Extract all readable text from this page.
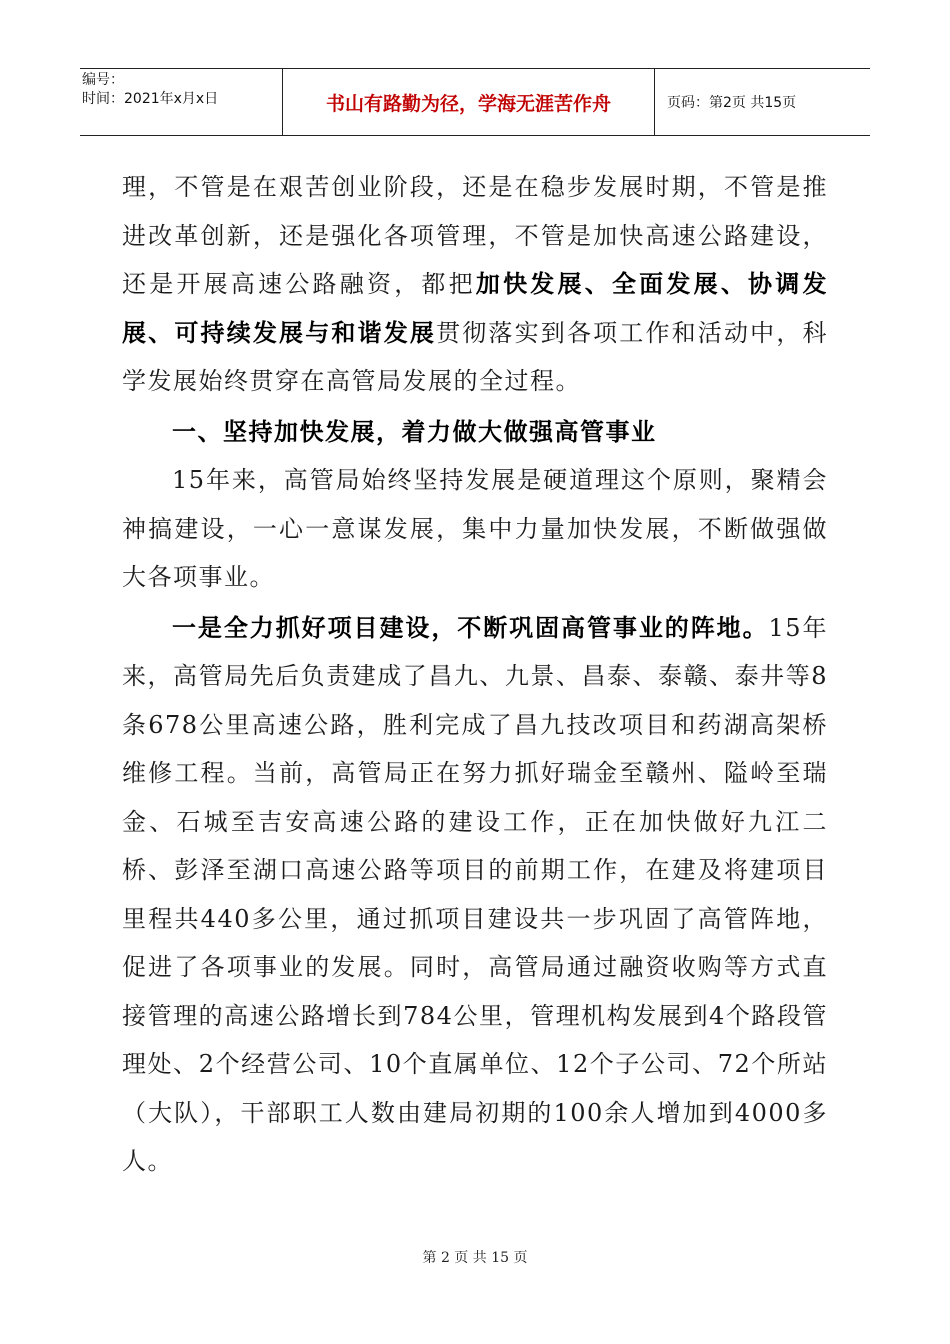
编号：
时间：2021年x月x日	书山有路勤为径，学海无涯苦作舟	页码：第2页 共15页

理，不管是在艰苦创业阶段，还是在稳步发展时期，不管是推进改革创新，还是强化各项管理，不管是加快高速公路建设，还是开展高速公路融资，都把加快发展、全面发展、协调发展、可持续发展与和谐发展贯彻落实到各项工作和活动中，科学发展始终贯穿在高管局发展的全过程。

一、坚持加快发展，着力做大做强高管事业

15年来，高管局始终坚持发展是硬道理这个原则，聚精会神搞建设，一心一意谋发展，集中力量加快发展，不断做强做大各项事业。

一是全力抓好项目建设，不断巩固高管事业的阵地。15年来，高管局先后负责建成了昌九、九景、昌泰、泰赣、泰井等8条678公里高速公路，胜利完成了昌九技改项目和药湖高架桥维修工程。当前，高管局正在努力抓好瑞金至赣州、隘岭至瑞金、石城至吉安高速公路的建设工作，正在加快做好九江二桥、彭泽至湖口高速公路等项目的前期工作，在建及将建项目里程共440多公里，通过抓项目建设共一步巩固了高管阵地，促进了各项事业的发展。同时，高管局通过融资收购等方式直接管理的高速公路增长到784公里，管理机构发展到4个路段管理处、2个经营公司、10个直属单位、12个子公司、72个所站（大队），干部职工人数由建局初期的100余人增加到4000多人。

第 2 页 共 15 页
